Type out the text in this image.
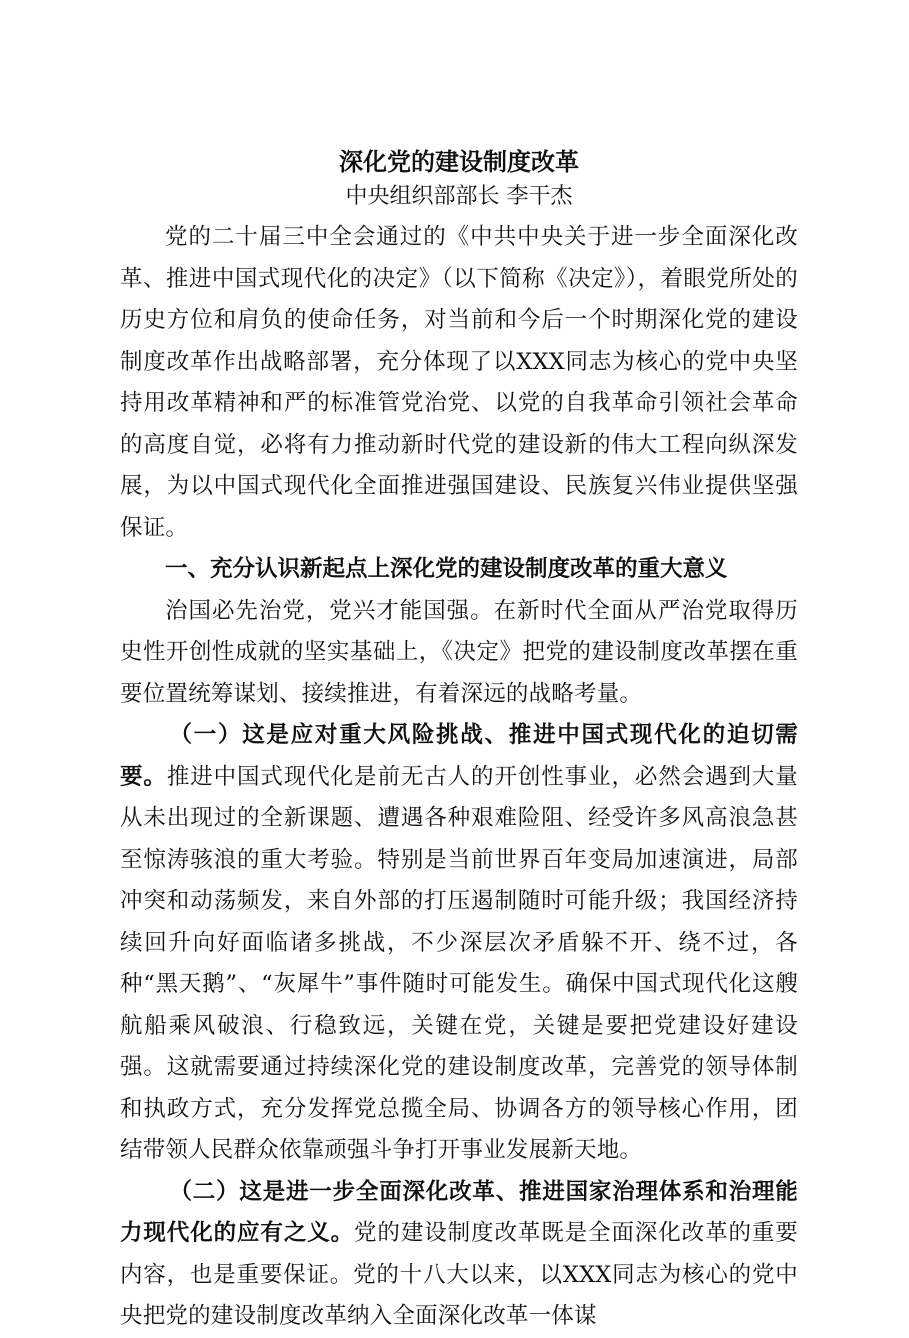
深化党的建设制度改革

中央组织部部长 李干杰

党的二十届三中全会通过的《中共中央关于进一步全面深化改革、推进中国式现代化的决定》（以下简称《决定》），着眼党所处的历史方位和肩负的使命任务，对当前和今后一个时期深化党的建设制度改革作出战略部署，充分体现了以XXX同志为核心的党中央坚持用改革精神和严的标准管党治党、以党的自我革命引领社会革命的高度自觉，必将有力推动新时代党的建设新的伟大工程向纵深发展，为以中国式现代化全面推进强国建设、民族复兴伟业提供坚强保证。

一、充分认识新起点上深化党的建设制度改革的重大意义

治国必先治党，党兴才能国强。在新时代全面从严治党取得历史性开创性成就的坚实基础上，《决定》把党的建设制度改革摆在重要位置统筹谋划、接续推进，有着深远的战略考量。

（一）这是应对重大风险挑战、推进中国式现代化的迫切需要。推进中国式现代化是前无古人的开创性事业，必然会遇到大量从未出现过的全新课题、遭遇各种艰难险阻、经受许多风高浪急甚至惊涛骇浪的重大考验。特别是当前世界百年变局加速演进，局部冲突和动荡频发，来自外部的打压遏制随时可能升级；我国经济持续回升向好面临诸多挑战，不少深层次矛盾躲不开、绕不过，各种“黑天鹅”、“灰犀牛”事件随时可能发生。确保中国式现代化这艘航船乘风破浪、行稳致远，关键在党，关键是要把党建设好建设强。这就需要通过持续深化党的建设制度改革，完善党的领导体制和执政方式，充分发挥党总揽全局、协调各方的领导核心作用，团结带领人民群众依靠顽强斗争打开事业发展新天地。

（二）这是进一步全面深化改革、推进国家治理体系和治理能力现代化的应有之义。党的建设制度改革既是全面深化改革的重要内容，也是重要保证。党的十八大以来，以XXX同志为核心的党中央把党的建设制度改革纳入全面深化改革一体谋
